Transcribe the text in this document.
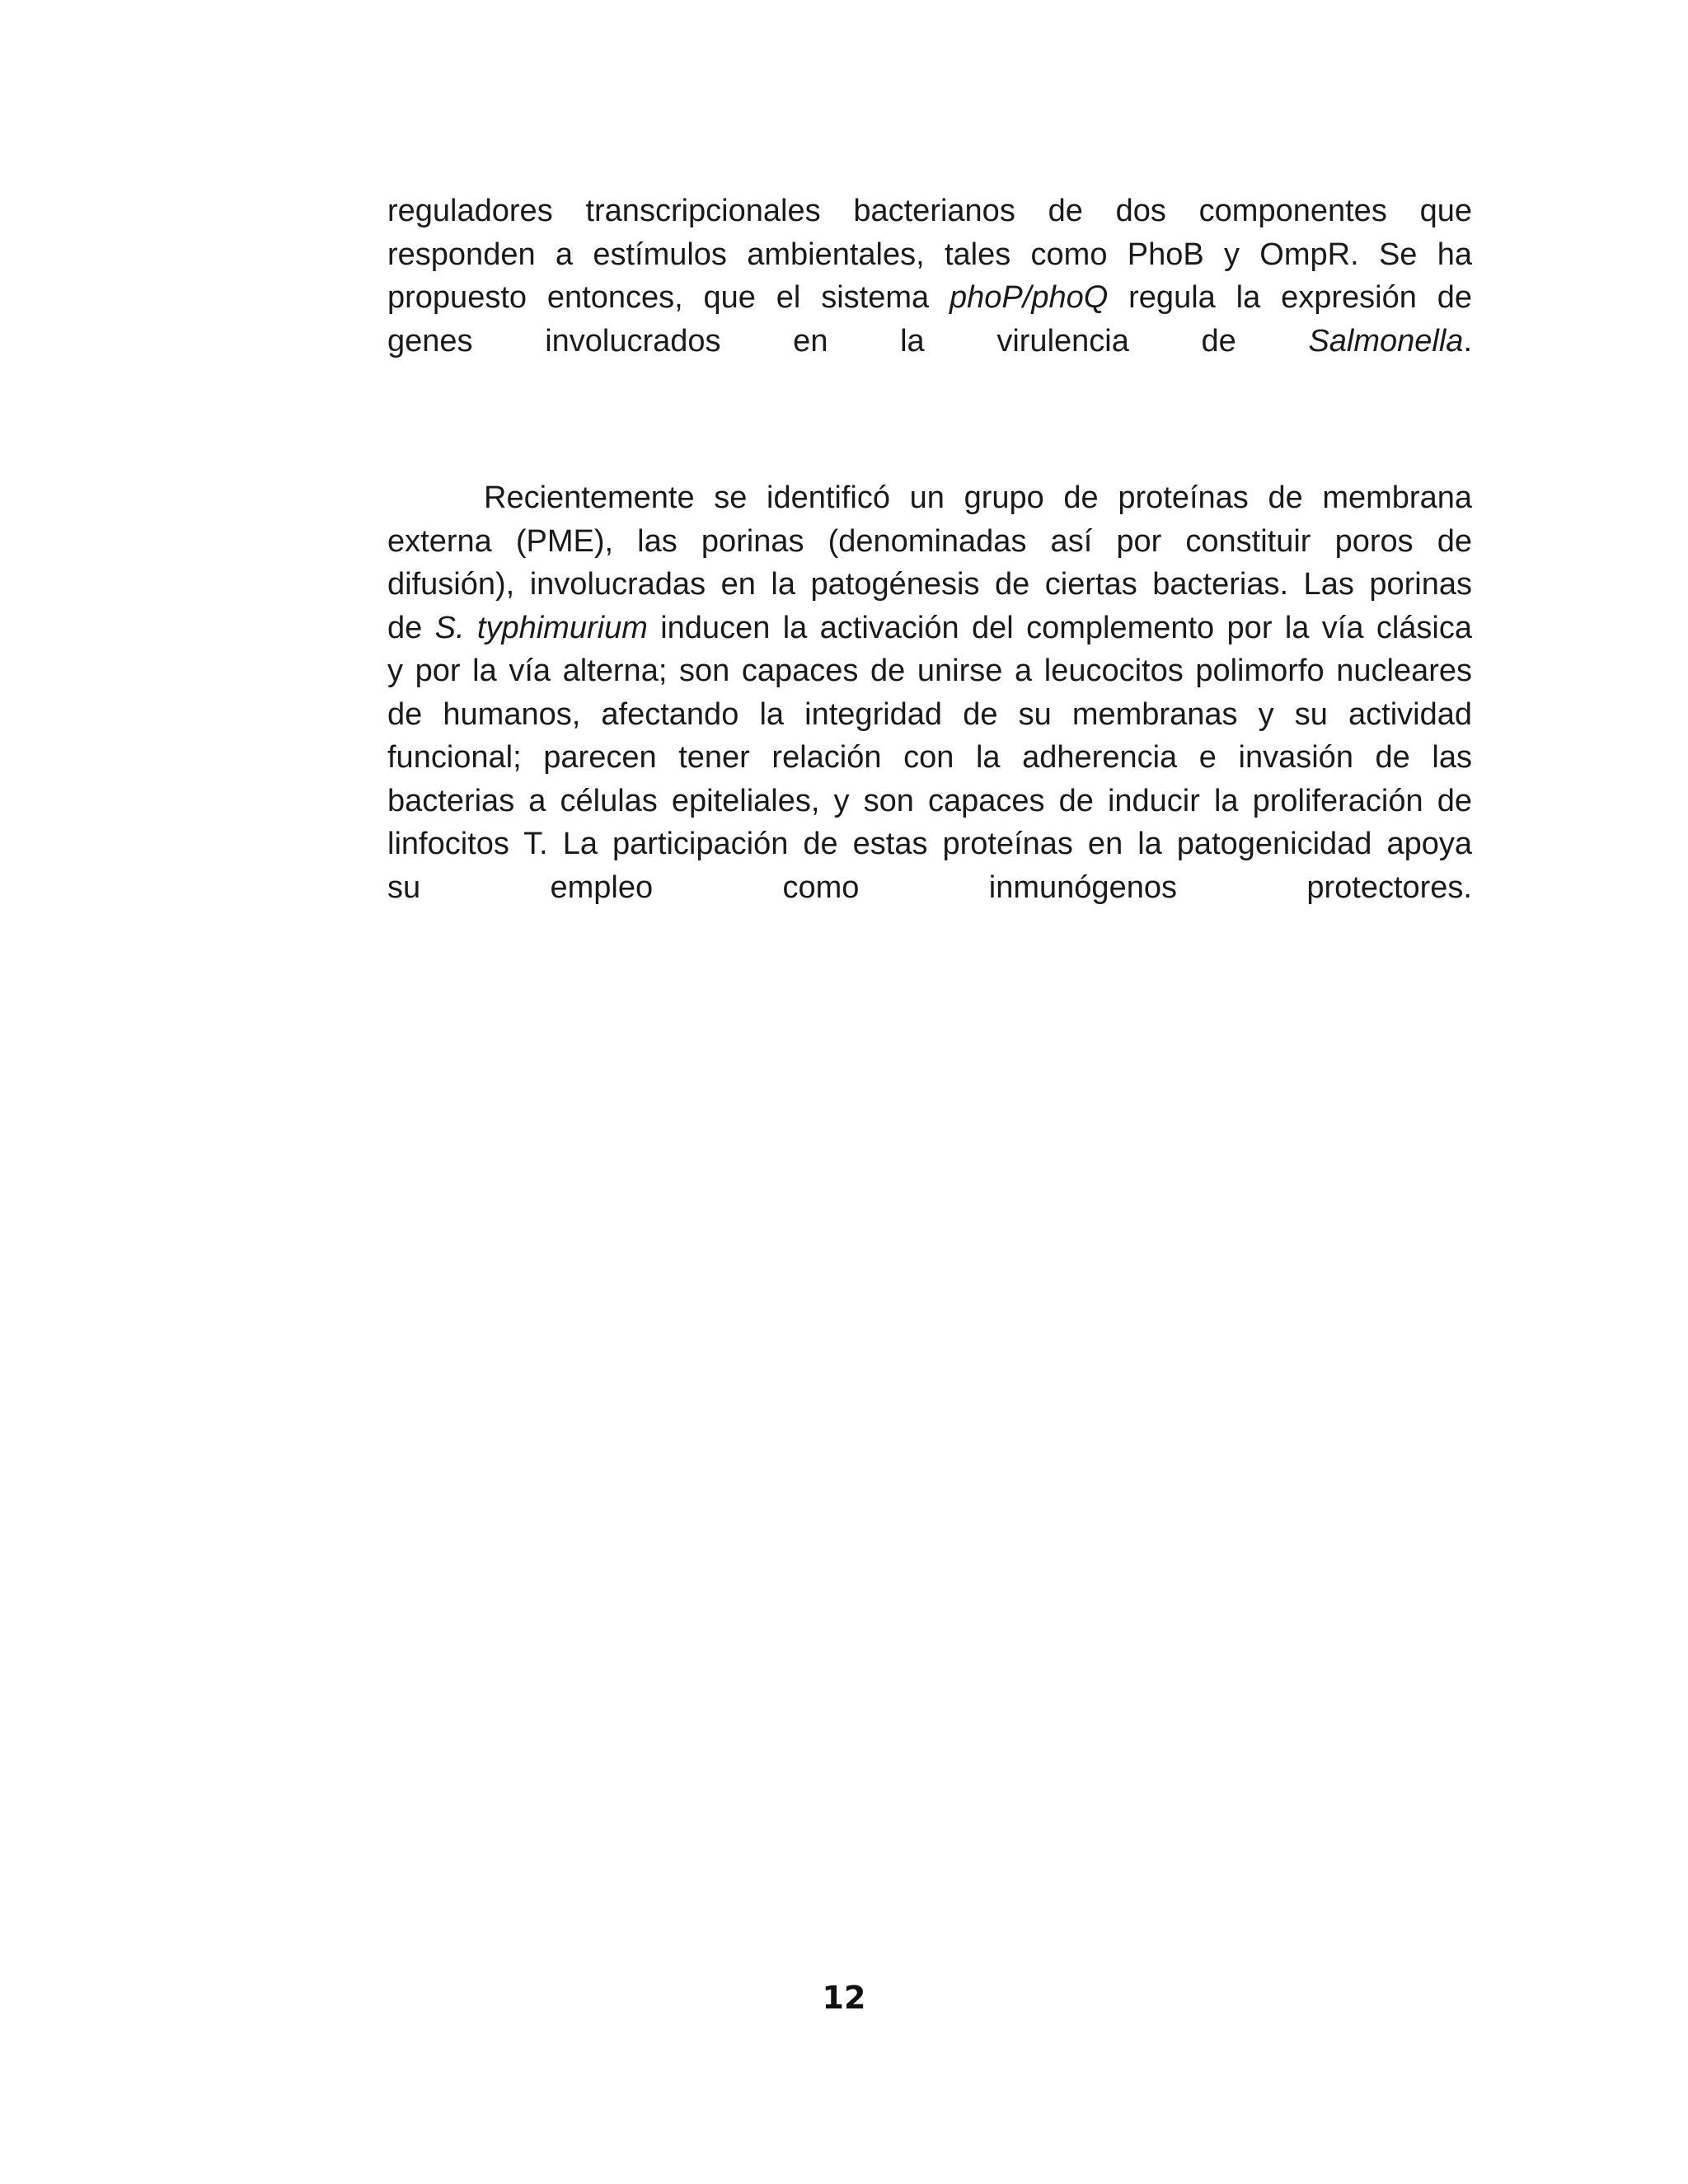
reguladores transcripcionales bacterianos de dos componentes que
responden a estímulos ambientales, tales como PhoB y OmpR. Se ha
propuesto entonces, que el sistema phoP/phoQ regula la expresión de
genes involucrados en la virulencia de Salmonella.
Recientemente se identificó un grupo de proteínas de membrana
externa (PME), las porinas (denominadas así por constituir poros de
difusión), involucradas en la patogénesis de ciertas bacterias. Las porinas
de S. typhimurium inducen la activación del complemento por la vía clásica
y por la vía alterna; son capaces de unirse a leucocitos polimorfo nucleares
de humanos, afectando la integridad de su membranas y su actividad
funcional; parecen tener relación con la adherencia e invasión de las
bacterias a células epiteliales, y son capaces de inducir la proliferación de
linfocitos T. La participación de estas proteínas en la patogenicidad apoya
su empleo como inmunógenos protectores.
12
